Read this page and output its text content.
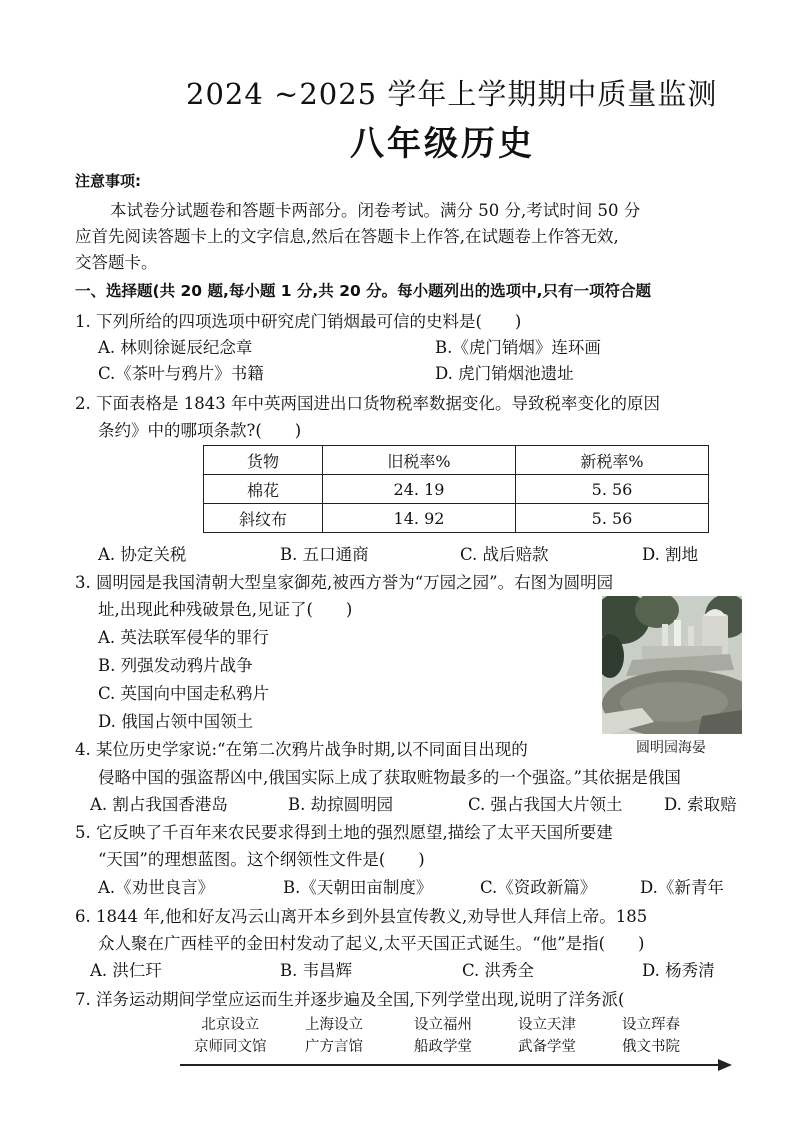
2024 ~2025 学年上学期期中质量监测
八年级历史
注意事项:
本试卷分试题卷和答题卡两部分。闭卷考试。满分 50 分,考试时间 50 分
应首先阅读答题卡上的文字信息,然后在答题卡上作答,在试题卷上作答无效,
交答题卡。
一、选择题(共 20 题,每小题 1 分,共 20 分。每小题列出的选项中,只有一项符合题
1. 下列所给的四项选项中研究虎门销烟最可信的史料是(　　)
A. 林则徐诞辰纪念章	B.《虎门销烟》连环画
C.《茶叶与鸦片》书籍	D. 虎门销烟池遗址
2. 下面表格是 1843 年中英两国进出口货物税率数据变化。导致税率变化的原因
条约》中的哪项条款?(　　)
货物	旧税率%	新税率%
棉花	24. 19	5. 56
斜纹布	14. 92	5. 56
A. 协定关税	B. 五口通商	C. 战后赔款	D. 割地
3. 圆明园是我国清朝大型皇家御苑,被西方誉为“万园之园”。右图为圆明园
址,出现此种残破景色,见证了(　　)
A. 英法联军侵华的罪行
B. 列强发动鸦片战争
C. 英国向中国走私鸦片
D. 俄国占领中国领土
圆明园海晏
4. 某位历史学家说:“在第二次鸦片战争时期,以不同面目出现的
侵略中国的强盗帮凶中,俄国实际上成了获取赃物最多的一个强盗。”其依据是俄国
A. 割占我国香港岛	B. 劫掠圆明园	C. 强占我国大片领土	D. 索取赔
5. 它反映了千百年来农民要求得到土地的强烈愿望,描绘了太平天国所要建
“天国”的理想蓝图。这个纲领性文件是(　　)
A.《劝世良言》	B.《天朝田亩制度》	C.《资政新篇》	D.《新青年
6. 1844 年,他和好友冯云山离开本乡到外县宣传教义,劝导世人拜信上帝。185
众人聚在广西桂平的金田村发动了起义,太平天国正式诞生。“他”是指(　　)
A. 洪仁玕	B. 韦昌辉	C. 洪秀全	D. 杨秀清
7. 洋务运动期间学堂应运而生并逐步遍及全国,下列学堂出现,说明了洋务派(
北京设立
京师同文馆
上海设立
广方言馆
设立福州
船政学堂
设立天津
武备学堂
设立珲春
俄文书院
